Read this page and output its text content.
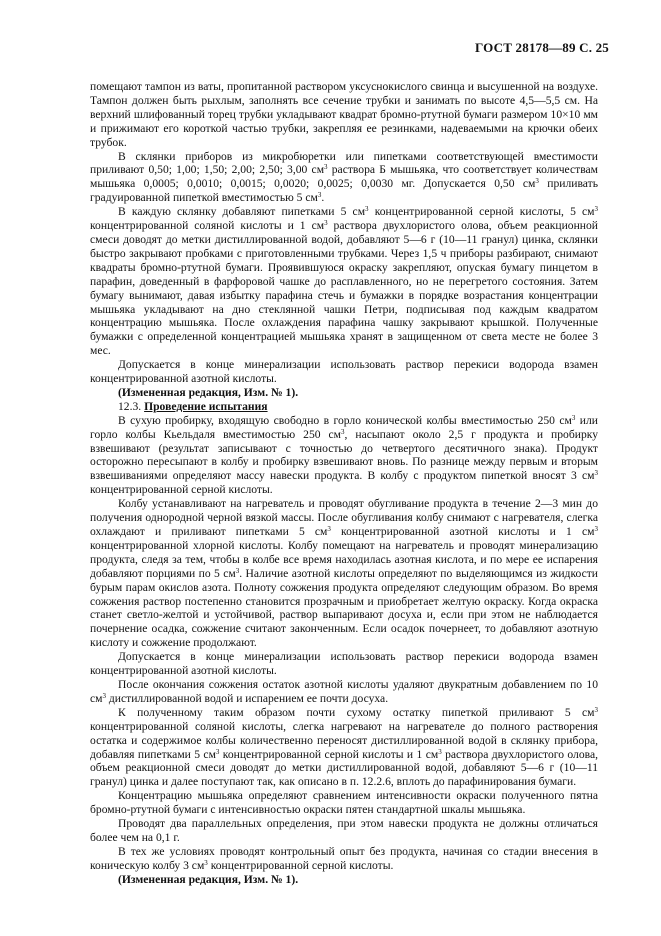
ГОСТ 28178—89 С. 25

помещают тампон из ваты, пропитанной раствором уксуснокислого свинца и высушенной на воздухе. Тампон должен быть рыхлым, заполнять все сечение трубки и занимать по высоте 4,5—5,5 см. На верхний шлифованный торец трубки укладывают квадрат бромно-ртутной бумаги размером 10×10 мм и прижимают его короткой частью трубки, закрепляя ее резинками, надеваемыми на крючки обеих трубок.

В склянки приборов из микробюретки или пипетками соответствующей вместимости приливают 0,50; 1,00; 1,50; 2,00; 2,50; 3,00 $см^3$ раствора Б мышьяка, что соответствует количествам мышьяка 0,0005; 0,0010; 0,0015; 0,0020; 0,0025; 0,0030 мг. Допускается 0,50 $см^3$ приливать градуированной пипеткой вместимостью 5 $см^3$.

В каждую склянку добавляют пипетками 5 $см^3$ концентрированной серной кислоты, 5 $см^3$ концентрированной соляной кислоты и 1 $см^3$ раствора двухлористого олова, объем реакционной смеси доводят до метки дистиллированной водой, добавляют 5—6 г (10—11 гранул) цинка, склянки быстро закрывают пробками с приготовленными трубками. Через 1,5 ч приборы разбирают, снимают квадраты бромно-ртутной бумаги. Проявившуюся окраску закрепляют, опуская бумагу пинцетом в парафин, доведенный в фарфоровой чашке до расплавленного, но не перегретого состояния. Затем бумагу вынимают, давая избытку парафина стечь и бумажки в порядке возрастания концентрации мышьяка укладывают на дно стеклянной чашки Петри, подписывая под каждым квадратом концентрацию мышьяка. После охлаждения парафина чашку закрывают крышкой. Полученные бумажки с определенной концентрацией мышьяка хранят в защищенном от света месте не более 3 мес.

Допускается в конце минерализации использовать раствор перекиси водорода взамен концентрированной азотной кислоты.

(Измененная редакция, Изм. № 1).

12.3. Проведение испытания

В сухую пробирку, входящую свободно в горло конической колбы вместимостью 250 $см^3$ или горло колбы Кьельдаля вместимостью 250 $см^3$, насыпают около 2,5 г продукта и пробирку взвешивают (результат записывают с точностью до четвертого десятичного знака). Продукт осторожно пересыпают в колбу и пробирку взвешивают вновь. По разнице между первым и вторым взвешиваниями определяют массу навески продукта. В колбу с продуктом пипеткой вносят 3 $см^3$ концентрированной серной кислоты.

Колбу устанавливают на нагреватель и проводят обугливание продукта в течение 2—3 мин до получения однородной черной вязкой массы. После обугливания колбу снимают с нагревателя, слегка охлаждают и приливают пипетками 5 $см^3$ концентрированной азотной кислоты и 1 $см^3$ концентрированной хлорной кислоты. Колбу помещают на нагреватель и проводят минерализацию продукта, следя за тем, чтобы в колбе все время находилась азотная кислота, и по мере ее испарения добавляют порциями по 5 $см^3$. Наличие азотной кислоты определяют по выделяющимся из жидкости бурым парам окислов азота. Полноту сожжения продукта определяют следующим образом. Во время сожжения раствор постепенно становится прозрачным и приобретает желтую окраску. Когда окраска станет светло-желтой и устойчивой, раствор выпаривают досуха и, если при этом не наблюдается почернение осадка, сожжение считают законченным. Если осадок почернеет, то добавляют азотную кислоту и сожжение продолжают.

Допускается в конце минерализации использовать раствор перекиси водорода взамен концентрированной азотной кислоты.

После окончания сожжения остаток азотной кислоты удаляют двукратным добавлением по 10 $см^3$ дистиллированной водой и испарением ее почти досуха.

К полученному таким образом почти сухому остатку пипеткой приливают 5 $см^3$ концентрированной соляной кислоты, слегка нагревают на нагревателе до полного растворения остатка и содержимое колбы количественно переносят дистиллированной водой в склянку прибора, добавляя пипетками 5 $см^3$ концентрированной серной кислоты и 1 $см^3$ раствора двухлористого олова, объем реакционной смеси доводят до метки дистиллированной водой, добавляют 5—6 г (10—11 гранул) цинка и далее поступают так, как описано в п. 12.2.6, вплоть до парафинирования бумаги.

Концентрацию мышьяка определяют сравнением интенсивности окраски полученного пятна бромно-ртутной бумаги с интенсивностью окраски пятен стандартной шкалы мышьяка.

Проводят два параллельных определения, при этом навески продукта не должны отличаться более чем на 0,1 г.

В тех же условиях проводят контрольный опыт без продукта, начиная со стадии внесения в коническую колбу 3 $см^3$ концентрированной серной кислоты.

(Измененная редакция, Изм. № 1).
